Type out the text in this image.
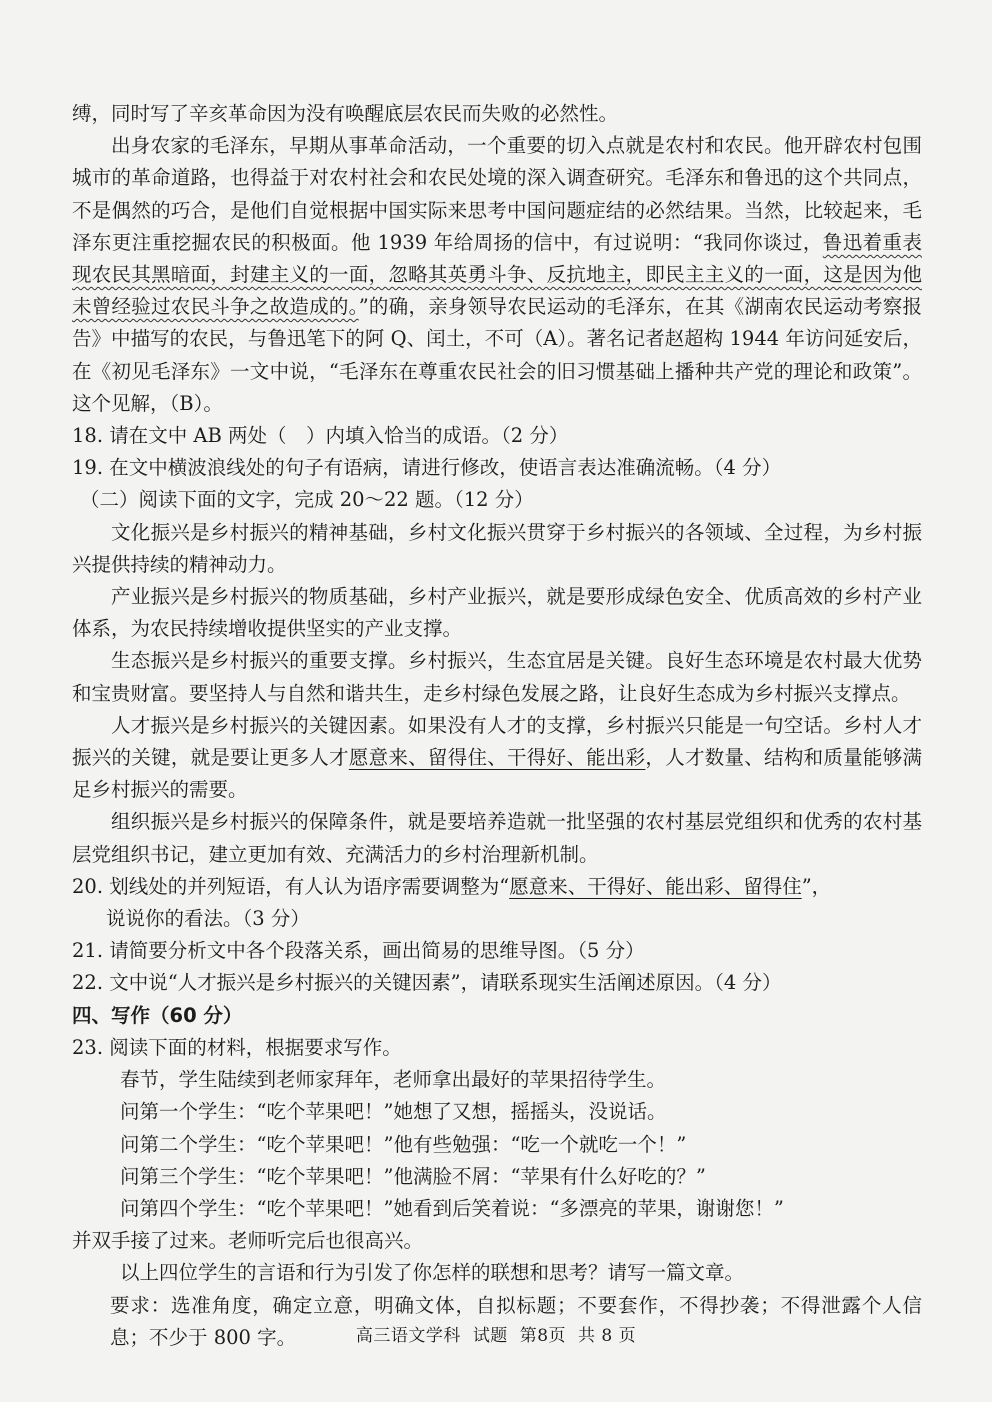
缚，同时写了辛亥革命因为没有唤醒底层农民而失败的必然性。

出身农家的毛泽东，早期从事革命活动，一个重要的切入点就是农村和农民。他开辟农村包围城市的革命道路，也得益于对农村社会和农民处境的深入调查研究。毛泽东和鲁迅的这个共同点，不是偶然的巧合，是他们自觉根据中国实际来思考中国问题症结的必然结果。当然，比较起来，毛泽东更注重挖掘农民的积极面。他 1939 年给周扬的信中，有过说明：“我同你谈过，鲁迅着重表现农民其黑暗面，封建主义的一面，忽略其英勇斗争、反抗地主，即民主主义的一面，这是因为他未曾经验过农民斗争之故造成的。”的确，亲身领导农民运动的毛泽东，在其《湖南农民运动考察报告》中描写的农民，与鲁迅笔下的阿 Q、闰土，不可（A）。著名记者赵超构 1944 年访问延安后，在《初见毛泽东》一文中说，“毛泽东在尊重农民社会的旧习惯基础上播种共产党的理论和政策”。这个见解，（B）。

18. 请在文中 AB 两处（　）内填入恰当的成语。（2 分）

19. 在文中横波浪线处的句子有语病，请进行修改，使语言表达准确流畅。（4 分）

（二）阅读下面的文字，完成 20～22 题。（12 分）

文化振兴是乡村振兴的精神基础，乡村文化振兴贯穿于乡村振兴的各领域、全过程，为乡村振兴提供持续的精神动力。

产业振兴是乡村振兴的物质基础，乡村产业振兴，就是要形成绿色安全、优质高效的乡村产业体系，为农民持续增收提供坚实的产业支撑。

生态振兴是乡村振兴的重要支撑。乡村振兴，生态宜居是关键。良好生态环境是农村最大优势和宝贵财富。要坚持人与自然和谐共生，走乡村绿色发展之路，让良好生态成为乡村振兴支撑点。

人才振兴是乡村振兴的关键因素。如果没有人才的支撑，乡村振兴只能是一句空话。乡村人才振兴的关键，就是要让更多人才愿意来、留得住、干得好、能出彩，人才数量、结构和质量能够满足乡村振兴的需要。

组织振兴是乡村振兴的保障条件，就是要培养造就一批坚强的农村基层党组织和优秀的农村基层党组织书记，建立更加有效、充满活力的乡村治理新机制。

20. 划线处的并列短语，有人认为语序需要调整为“愿意来、干得好、能出彩、留得住”，

说说你的看法。（3 分）

21. 请简要分析文中各个段落关系，画出简易的思维导图。（5 分）

22. 文中说“人才振兴是乡村振兴的关键因素”，请联系现实生活阐述原因。（4 分）

四、写作（60 分）

23. 阅读下面的材料，根据要求写作。

春节，学生陆续到老师家拜年，老师拿出最好的苹果招待学生。

问第一个学生：“吃个苹果吧！”她想了又想，摇摇头，没说话。

问第二个学生：“吃个苹果吧！”他有些勉强：“吃一个就吃一个！”

问第三个学生：“吃个苹果吧！”他满脸不屑：“苹果有什么好吃的？”

问第四个学生：“吃个苹果吧！”她看到后笑着说：“多漂亮的苹果，谢谢您！”

并双手接了过来。老师听完后也很高兴。

以上四位学生的言语和行为引发了你怎样的联想和思考？请写一篇文章。

要求：选准角度，确定立意，明确文体，自拟标题；不要套作，不得抄袭；不得泄露个人信息；不少于 800 字。	高三语文学科 试题 第8页 共 8 页
